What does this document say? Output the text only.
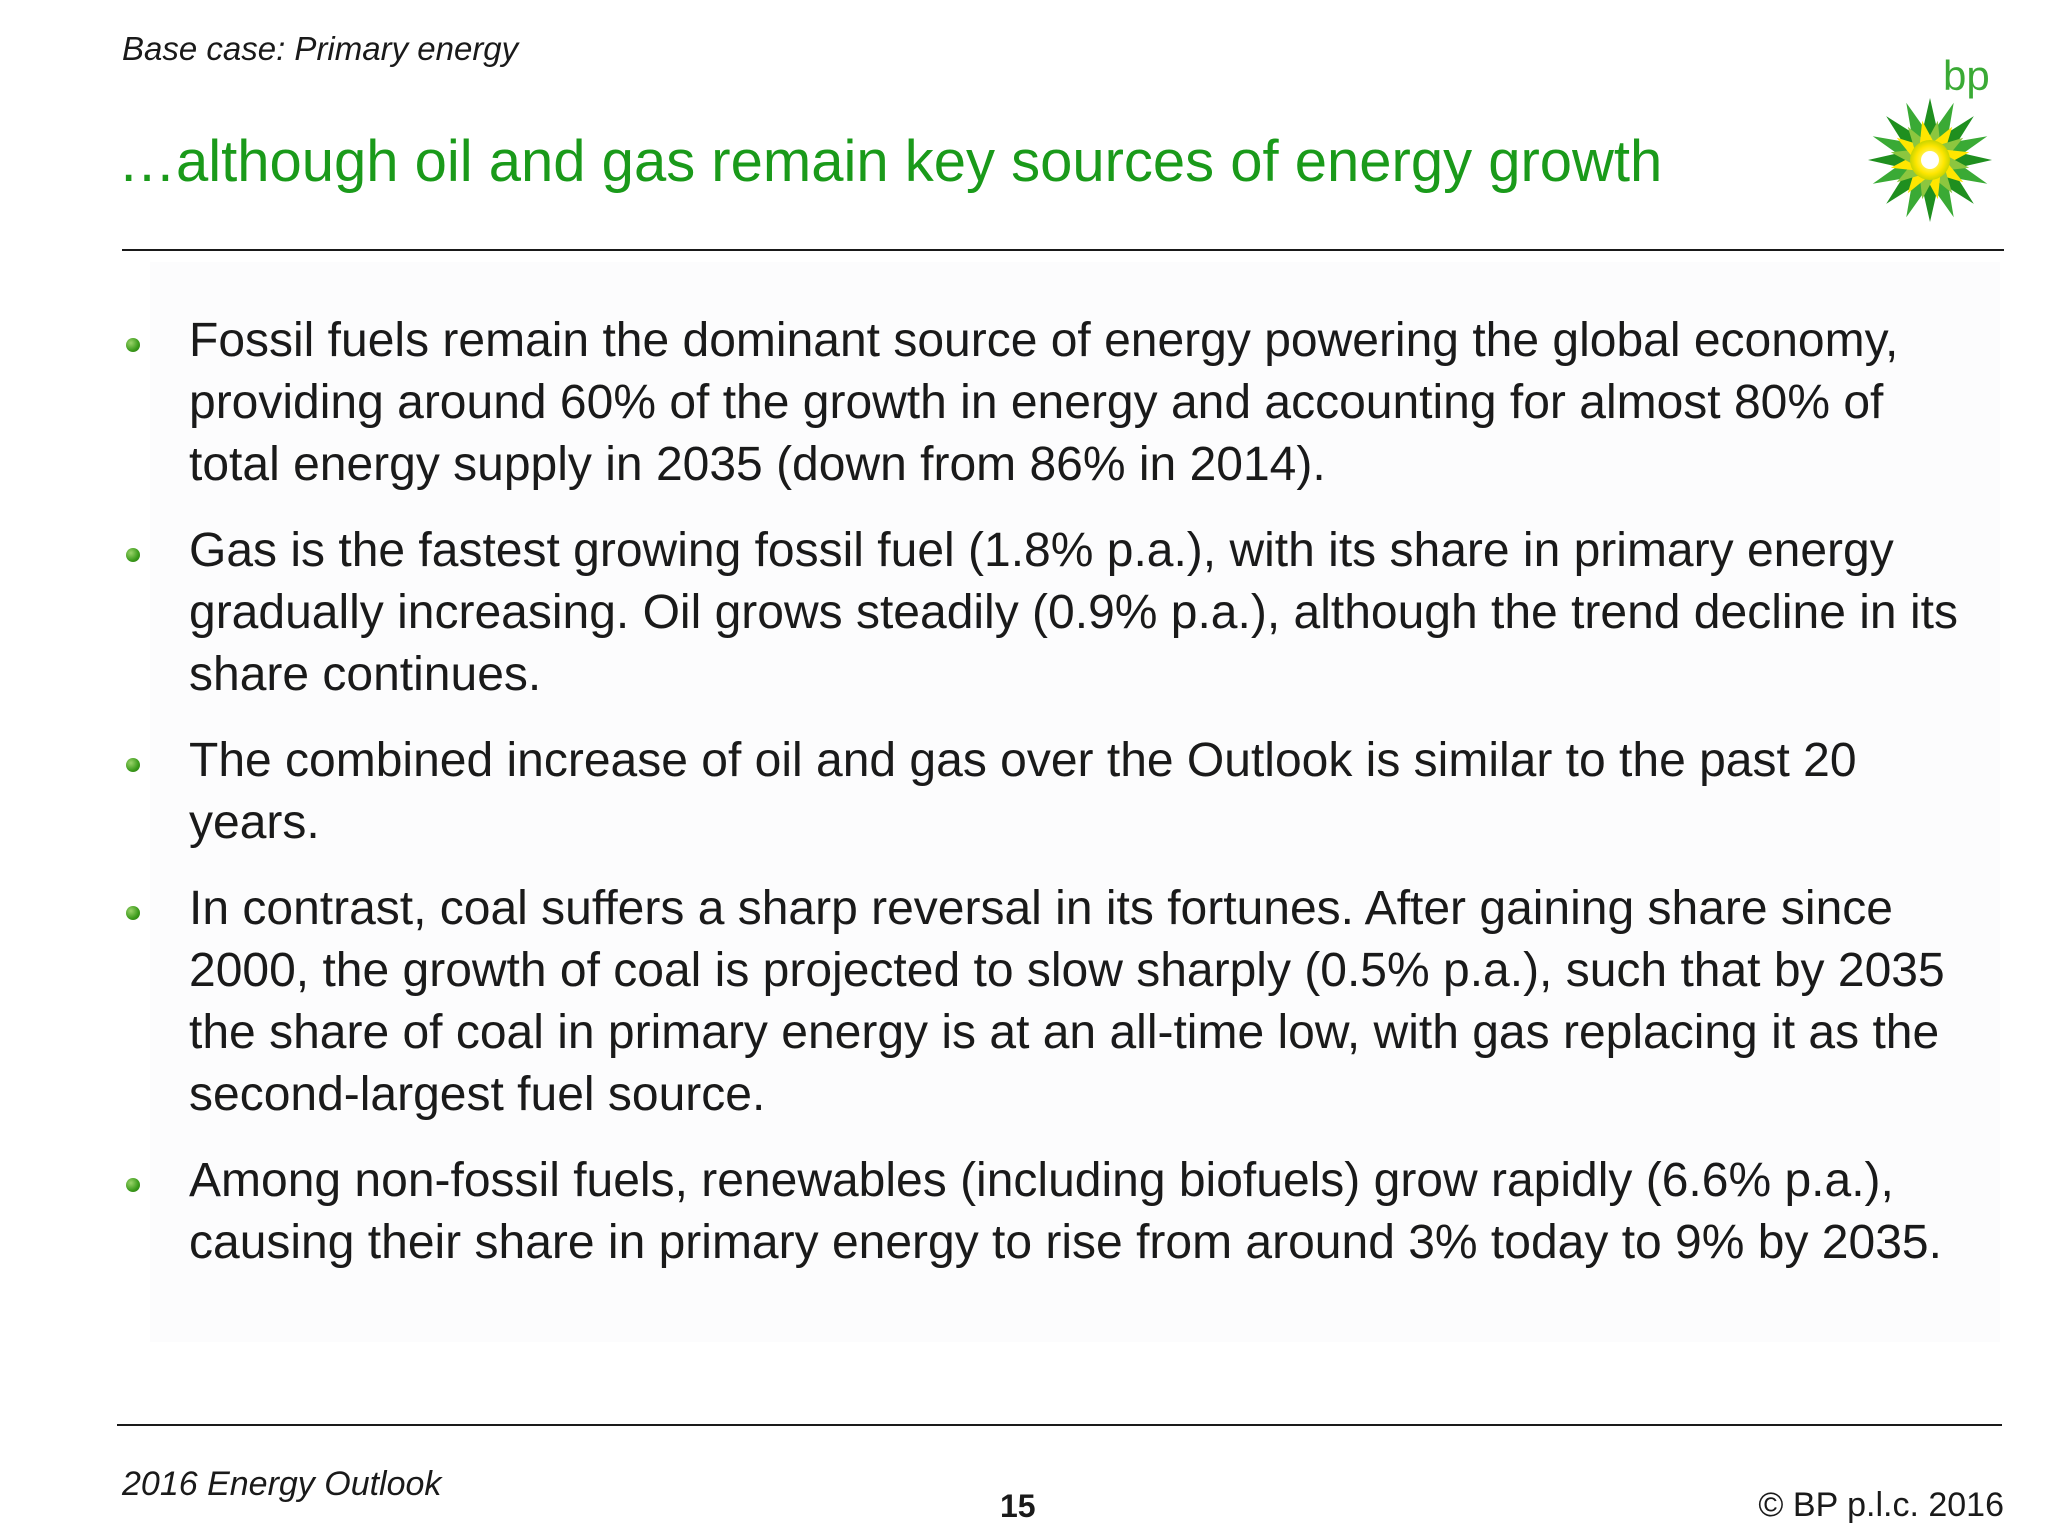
Base case: Primary energy
…although oil and gas remain key sources of energy growth
bp
Fossil fuels remain the dominant source of energy powering the global economy, providing around 60% of the growth in energy and accounting for almost 80% of total energy supply in 2035 (down from 86% in 2014).
Gas is the fastest growing fossil fuel (1.8% p.a.), with its share in primary energy gradually increasing. Oil grows steadily (0.9% p.a.), although the trend decline in its share continues.
The combined increase of oil and gas over the Outlook is similar to the past 20 years.
In contrast, coal suffers a sharp reversal in its fortunes. After gaining share since 2000, the growth of coal is projected to slow sharply (0.5% p.a.), such that by 2035 the share of coal in primary energy is at an all-time low, with gas replacing it as the second-largest fuel source.
Among non-fossil fuels, renewables (including biofuels) grow rapidly (6.6% p.a.), causing their share in primary energy to rise from around 3% today to 9% by 2035.
2016 Energy Outlook
15	© BP p.l.c. 2016
